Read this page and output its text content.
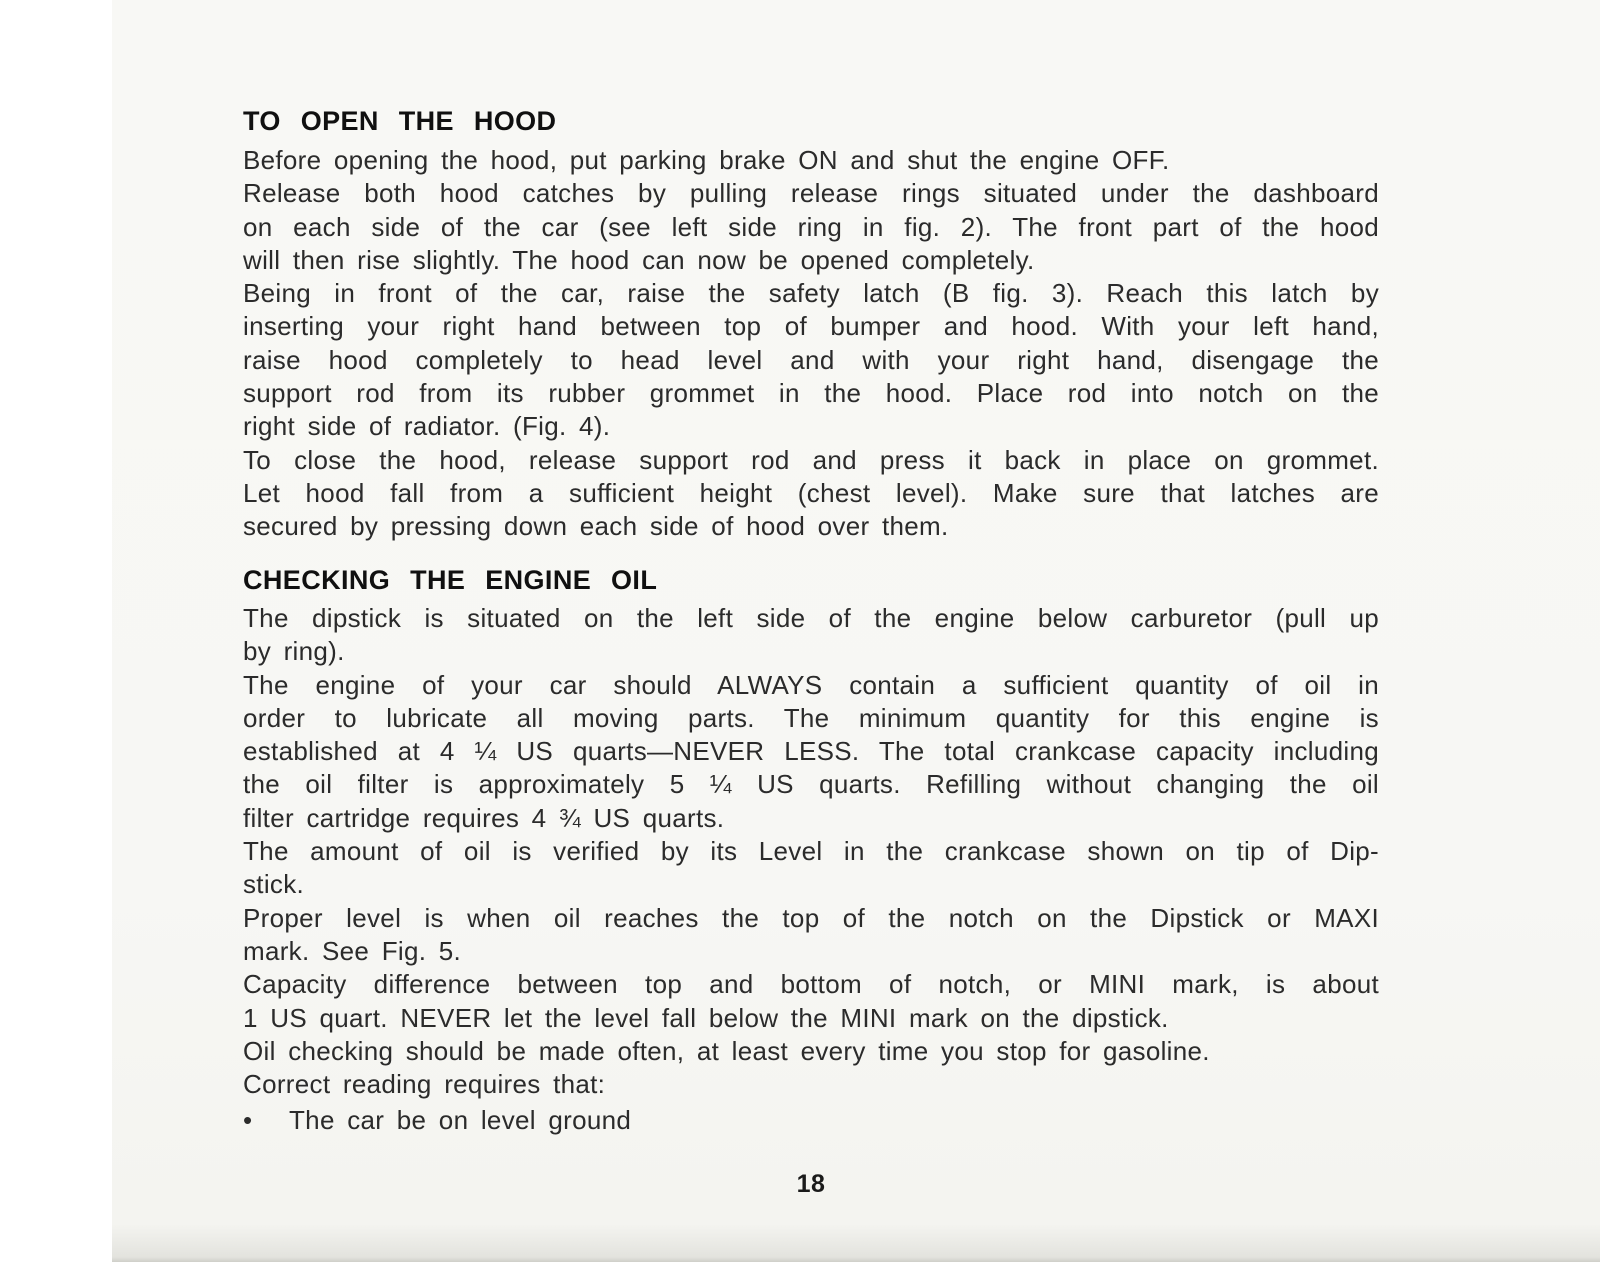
TO OPEN THE HOOD
Before opening the hood, put parking brake ON and shut the engine OFF.
Release both hood catches by pulling release rings situated under the dashboard
on each side of the car (see left side ring in fig. 2). The front part of the hood
will then rise slightly. The hood can now be opened completely.
Being in front of the car, raise the safety latch (B fig. 3). Reach this latch by
inserting your right hand between top of bumper and hood. With your left hand,
raise hood completely to head level and with your right hand, disengage the
support rod from its rubber grommet in the hood. Place rod into notch on the
right side of radiator. (Fig. 4).
To close the hood, release support rod and press it back in place on grommet.
Let hood fall from a sufficient height (chest level). Make sure that latches are
secured by pressing down each side of hood over them.
CHECKING THE ENGINE OIL
The dipstick is situated on the left side of the engine below carburetor (pull up
by ring).
The engine of your car should ALWAYS contain a sufficient quantity of oil in
order to lubricate all moving parts. The minimum quantity for this engine is
established at 4 ¼ US quarts—NEVER LESS. The total crankcase capacity including
the oil filter is approximately 5 ¼ US quarts. Refilling without changing the oil
filter cartridge requires 4 ¾ US quarts.
The amount of oil is verified by its Level in the crankcase shown on tip of Dip-
stick.
Proper level is when oil reaches the top of the notch on the Dipstick or MAXI
mark. See Fig. 5.
Capacity difference between top and bottom of notch, or MINI mark, is about
1 US quart. NEVER let the level fall below the MINI mark on the dipstick.
Oil checking should be made often, at least every time you stop for gasoline.
Correct reading requires that:
•	The car be on level ground
18
